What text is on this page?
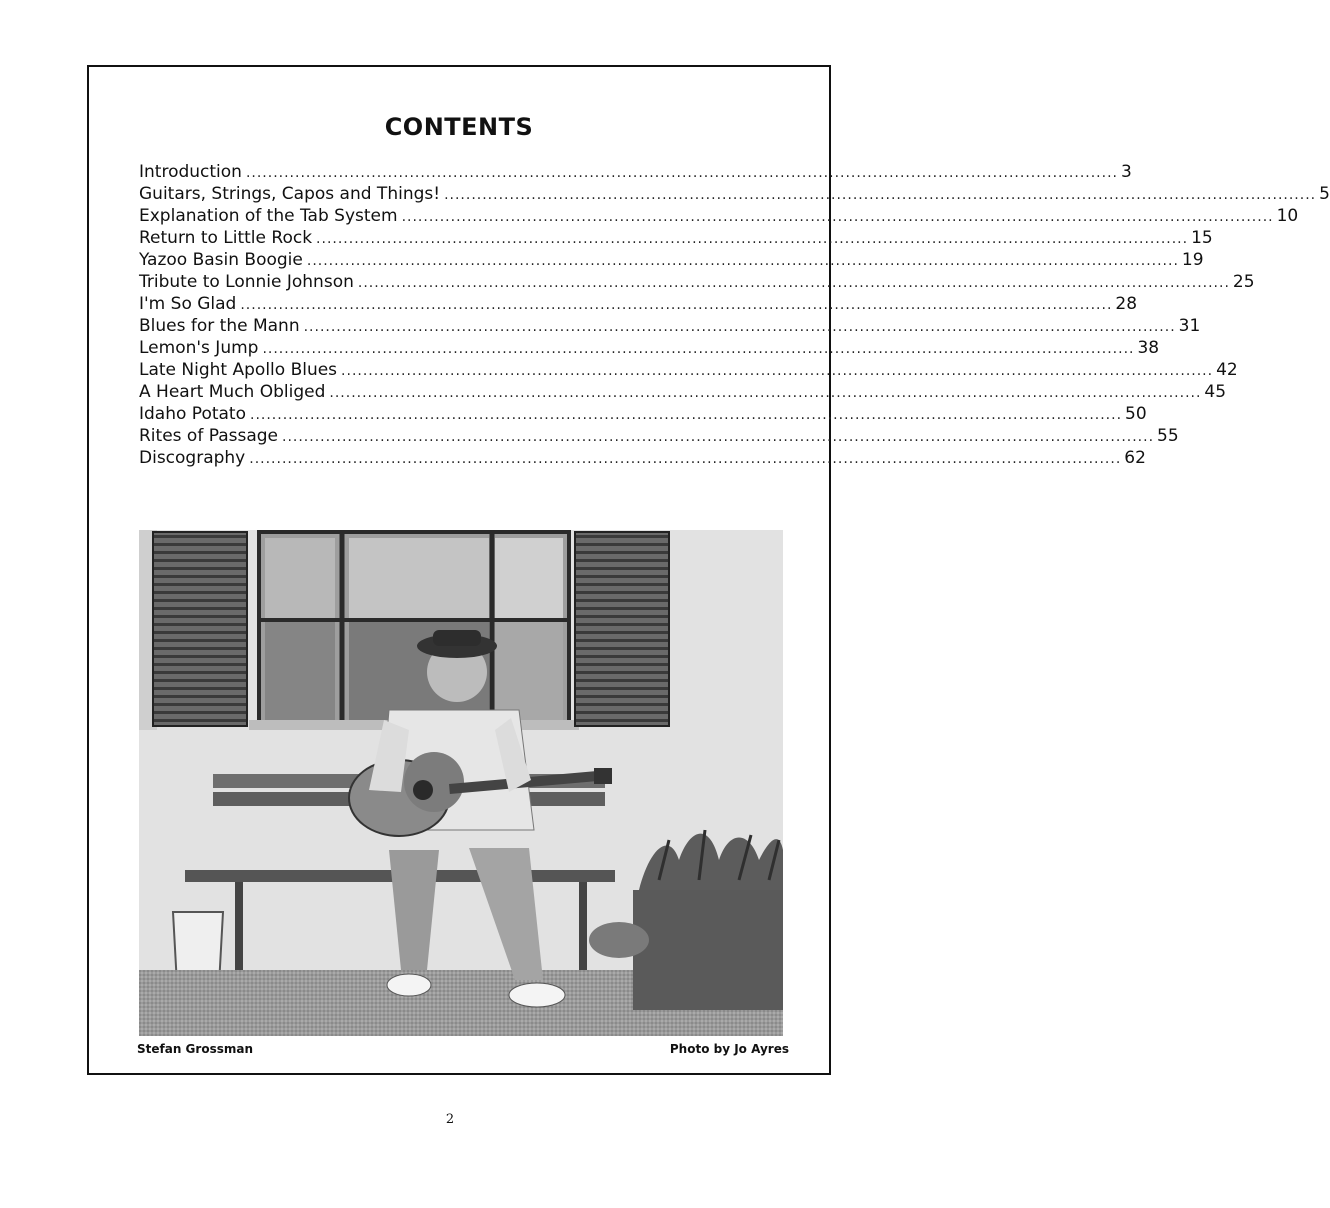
CONTENTS
Introduction ................................................................................................................................................................ 3
Guitars, Strings, Capos and Things! ................................................................................................................................................................ 5
Explanation of the Tab System ................................................................................................................................................................ 10
Return to Little Rock ................................................................................................................................................................ 15
Yazoo Basin Boogie ................................................................................................................................................................ 19
Tribute to Lonnie Johnson ................................................................................................................................................................ 25
I'm So Glad ................................................................................................................................................................ 28
Blues for the Mann ................................................................................................................................................................ 31
Lemon's Jump ................................................................................................................................................................ 38
Late Night Apollo Blues ................................................................................................................................................................ 42
A Heart Much Obliged ................................................................................................................................................................ 45
Idaho Potato ................................................................................................................................................................ 50
Rites of Passage ................................................................................................................................................................ 55
Discography ................................................................................................................................................................ 62
Stefan Grossman	Photo by Jo Ayres
2
